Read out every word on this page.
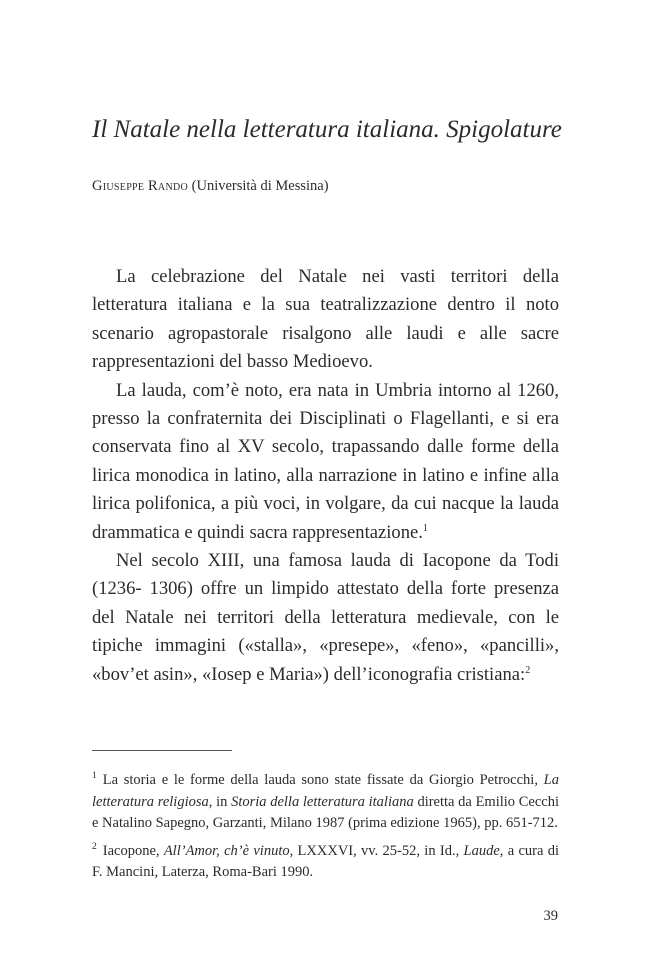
Il Natale nella letteratura italiana. Spigolature
Giuseppe Rando (Università di Messina)

La celebrazione del Natale nei vasti territori della letteratura italiana e la sua teatralizzazione dentro il noto scenario agropastorale risalgono alle laudi e alle sacre rappresentazioni del basso Medioevo.

La lauda, com’è noto, era nata in Umbria intorno al 1260, presso la confraternita dei Disciplinati o Flagellanti, e si era conservata fino al XV secolo, trapassando dalle forme della lirica monodica in latino, alla narrazione in latino e infine alla lirica polifonica, a più voci, in volgare, da cui nacque la lauda drammatica e quindi sacra rappresentazione.$^1$

Nel secolo XIII, una famosa lauda di Iacopone da Todi (1236- 1306) offre un limpido attestato della forte presenza del Natale nei territori della letteratura medievale, con le tipiche immagini («stalla», «presepe», «feno», «pancilli», «bov’et asin», «Iosep e Maria») dell’iconografia cristiana:$^2$

$^1$ La storia e le forme della lauda sono state fissate da Giorgio Petrocchi, La letteratura religiosa, in Storia della letteratura italiana diretta da Emilio Cecchi e Natalino Sapegno, Garzanti, Milano 1987 (prima edizione 1965), pp. 651-712.

$^2$ Iacopone, All’Amor, ch’è vinuto, LXXXVI, vv. 25-52, in Id., Laude, a cura di F. Mancini, Laterza, Roma-Bari 1990.

39
